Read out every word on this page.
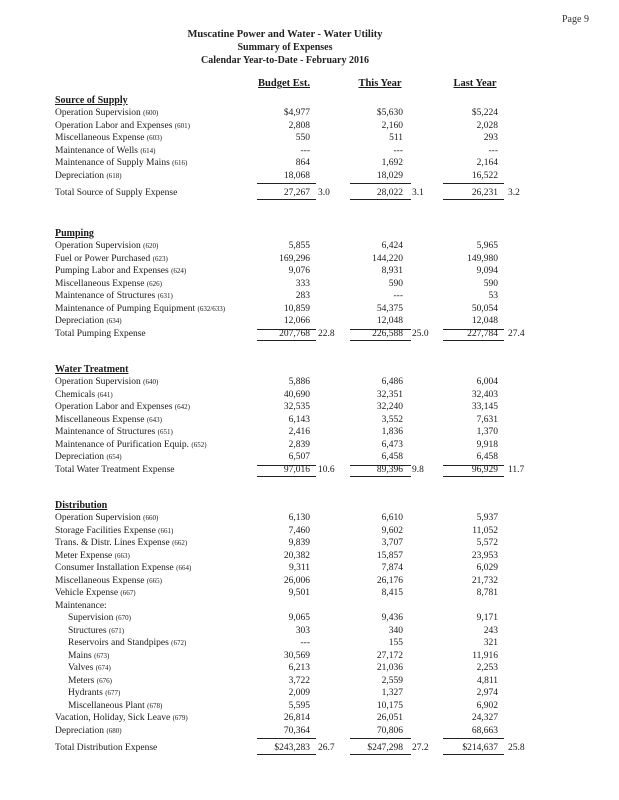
Page 9
Muscatine Power and Water - Water Utility
Summary of Expenses
Calendar Year-to-Date - February 2016
Budget Est.	This Year	Last Year
Source of Supply
Operation Supervision (600)	$4,977	$5,630	$5,224
Operation Labor and Expenses (601)	2,808	2,160	2,028
Miscellaneous Expense (603)	550	511	293
Maintenance of Wells (614)	---	---	---
Maintenance of Supply Mains (616)	864	1,692	2,164
Depreciation (618)	18,068	18,029	16,522
Total Source of Supply Expense	27,267 3.0	28,022 3.1	26,231 3.2
Pumping
Operation Supervision (620)	5,855	6,424	5,965
Fuel or Power Purchased (623)	169,296	144,220	149,980
Pumping Labor and Expenses (624)	9,076	8,931	9,094
Miscellaneous Expense (626)	333	590	590
Maintenance of Structures (631)	283	---	53
Maintenance of Pumping Equipment (632/633)	10,859	54,375	50,054
Depreciation (634)	12,066	12,048	12,048
Total Pumping Expense	207,768 22.8	226,588 25.0	227,784 27.4
Water Treatment
Operation Supervision (640)	5,886	6,486	6,004
Chemicals (641)	40,690	32,351	32,403
Operation Labor and Expenses (642)	32,535	32,240	33,145
Miscellaneous Expense (643)	6,143	3,552	7,631
Maintenance of Structures (651)	2,416	1,836	1,370
Maintenance of Purification Equip. (652)	2,839	6,473	9,918
Depreciation (654)	6,507	6,458	6,458
Total Water Treatment Expense	97,016 10.6	89,396 9.8	96,929 11.7
Distribution
Operation Supervision (660)	6,130	6,610	5,937
Storage Facilities Expense (661)	7,460	9,602	11,052
Trans. & Distr. Lines Expense (662)	9,839	3,707	5,572
Meter Expense (663)	20,382	15,857	23,953
Consumer Installation Expense (664)	9,311	7,874	6,029
Miscellaneous Expense (665)	26,006	26,176	21,732
Vehicle Expense (667)	9,501	8,415	8,781
Maintenance:
Supervision (670)	9,065	9,436	9,171
Structures (671)	303	340	243
Reservoirs and Standpipes (672)	---	155	321
Mains (673)	30,569	27,172	11,916
Valves (674)	6,213	21,036	2,253
Meters (676)	3,722	2,559	4,811
Hydrants (677)	2,009	1,327	2,974
Miscellaneous Plant (678)	5,595	10,175	6,902
Vacation, Holiday, Sick Leave (679)	26,814	26,051	24,327
Depreciation (680)	70,364	70,806	68,663
Total Distribution Expense	$243,283 26.7	$247,298 27.2	$214,637 25.8
